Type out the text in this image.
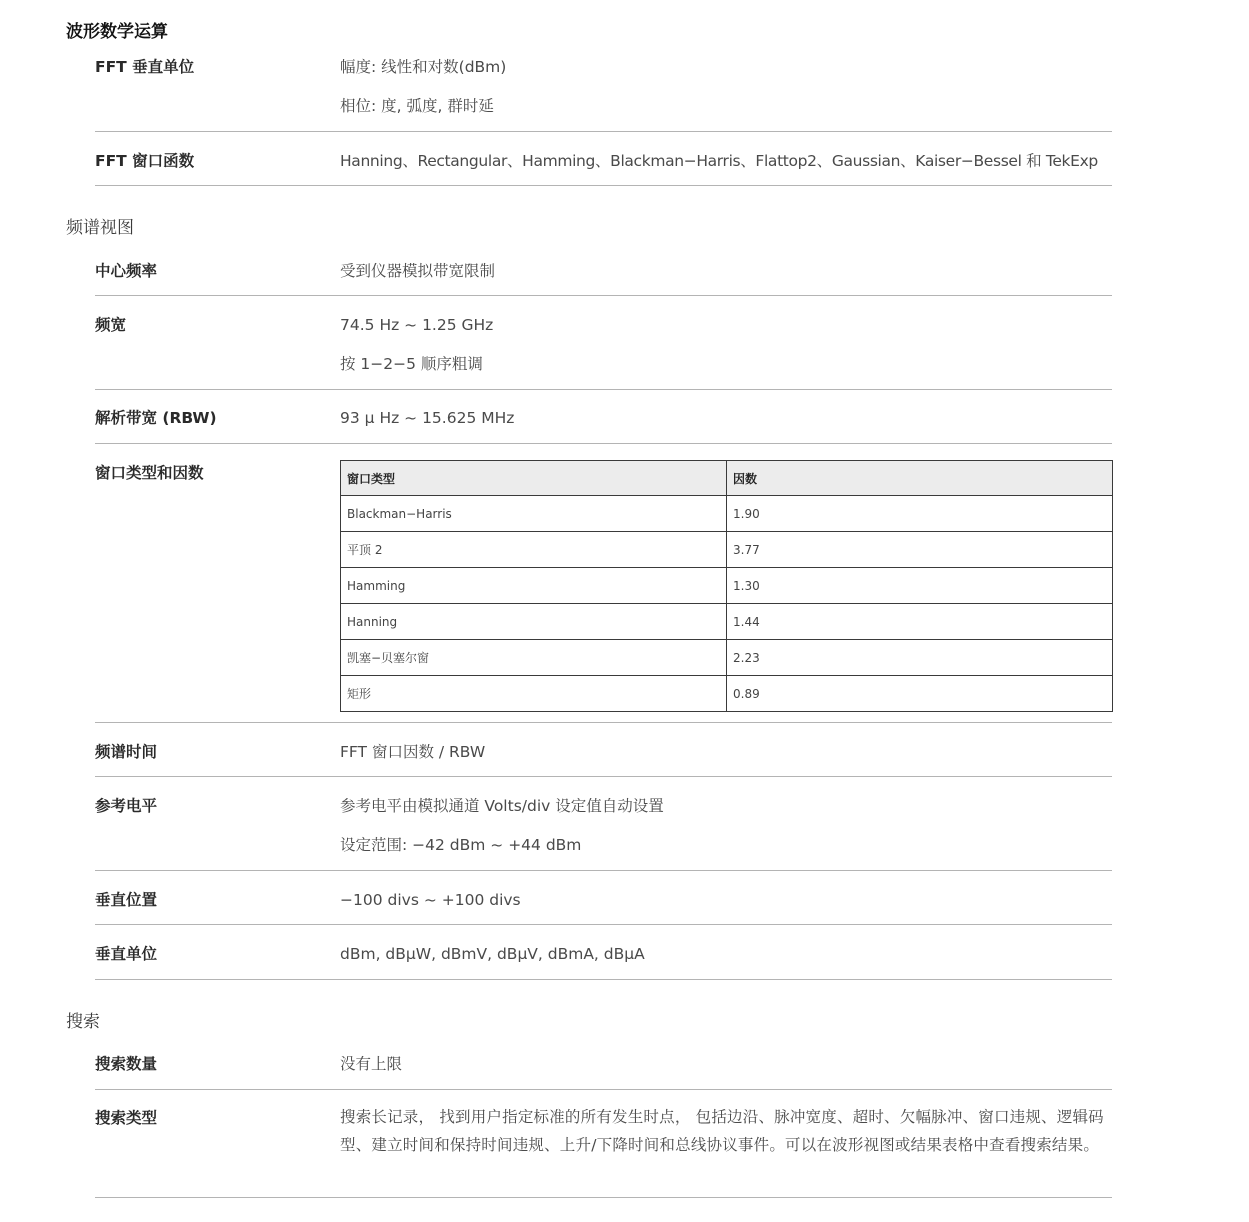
波形数学运算
FFT 垂直单位	幅度: 线性和对数(dBm)

相位: 度, 弧度, 群时延

FFT 窗口函数	Hanning、Rectangular、Hamming、Blackman−Harris、Flattop2、Gaussian、Kaiser−Bessel 和 TekExp

频谱视图
中心频率	受到仪器模拟带宽限制

频宽	74.5 Hz ~ 1.25 GHz

按 1−2−5 顺序粗调

解析带宽 (RBW)	93 μ Hz ~ 15.625 MHz

窗口类型和因数	窗口类型	因数
Blackman−Harris	1.90
平顶 2	3.77
Hamming	1.30
Hanning	1.44
凯塞−贝塞尔窗	2.23
矩形	0.89
频谱时间	FFT 窗口因数 / RBW

参考电平	参考电平由模拟通道 Volts/div 设定值自动设置

设定范围: −42 dBm ~ +44 dBm

垂直位置	−100 divs ~ +100 divs

垂直单位	dBm, dBμW, dBmV, dBμV, dBmA, dBμA

搜索
搜索数量	没有上限

搜索类型	搜索长记录， 找到用户指定标准的所有发生时点， 包括边沿、脉冲宽度、超时、欠幅脉冲、窗口违规、逻辑码型、建立时间和保持时间违规、上升/下降时间和总线协议事件。可以在波形视图或结果表格中查看搜索结果。
